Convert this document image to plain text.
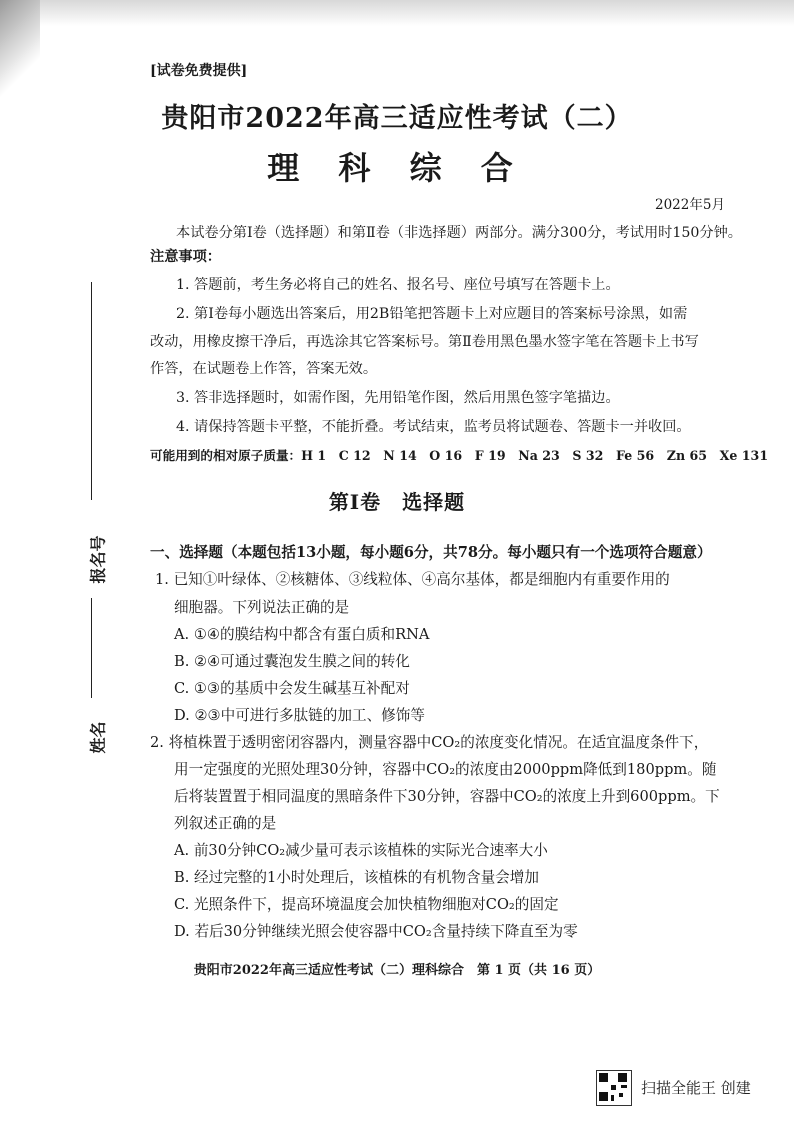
[试卷免费提供]
贵阳市2022年高三适应性考试（二）
理 科 综 合
2022年5月
本试卷分第Ⅰ卷（选择题）和第Ⅱ卷（非选择题）两部分。满分300分，考试用时150分钟。
注意事项：
1. 答题前，考生务必将自己的姓名、报名号、座位号填写在答题卡上。
2. 第Ⅰ卷每小题选出答案后，用2B铅笔把答题卡上对应题目的答案标号涂黑，如需
改动，用橡皮擦干净后，再选涂其它答案标号。第Ⅱ卷用黑色墨水签字笔在答题卡上书写
作答，在试题卷上作答，答案无效。
3. 答非选择题时，如需作图，先用铅笔作图，然后用黑色签字笔描边。
4. 请保持答题卡平整，不能折叠。考试结束，监考员将试题卷、答题卡一并收回。
可能用到的相对原子质量：H 1　C 12　N 14　O 16　F 19　Na 23　S 32　Fe 56　Zn 65　Xe 131
第Ⅰ卷　选择题
一、选择题（本题包括13小题，每小题6分，共78分。每小题只有一个选项符合题意）
1. 已知①叶绿体、②核糖体、③线粒体、④高尔基体，都是细胞内有重要作用的
细胞器。下列说法正确的是
A. ①④的膜结构中都含有蛋白质和RNA
B. ②④可通过囊泡发生膜之间的转化
C. ①③的基质中会发生碱基互补配对
D. ②③中可进行多肽链的加工、修饰等
2. 将植株置于透明密闭容器内，测量容器中CO₂的浓度变化情况。在适宜温度条件下，
用一定强度的光照处理30分钟，容器中CO₂的浓度由2000ppm降低到180ppm。随
后将装置置于相同温度的黑暗条件下30分钟，容器中CO₂的浓度上升到600ppm。下
列叙述正确的是
A. 前30分钟CO₂减少量可表示该植株的实际光合速率大小
B. 经过完整的1小时处理后，该植株的有机物含量会增加
C. 光照条件下，提高环境温度会加快植物细胞对CO₂的固定
D. 若后30分钟继续光照会使容器中CO₂含量持续下降直至为零
贵阳市2022年高三适应性考试（二）理科综合　第 1 页（共 16 页）
报名号
姓名
扫描全能王 创建
